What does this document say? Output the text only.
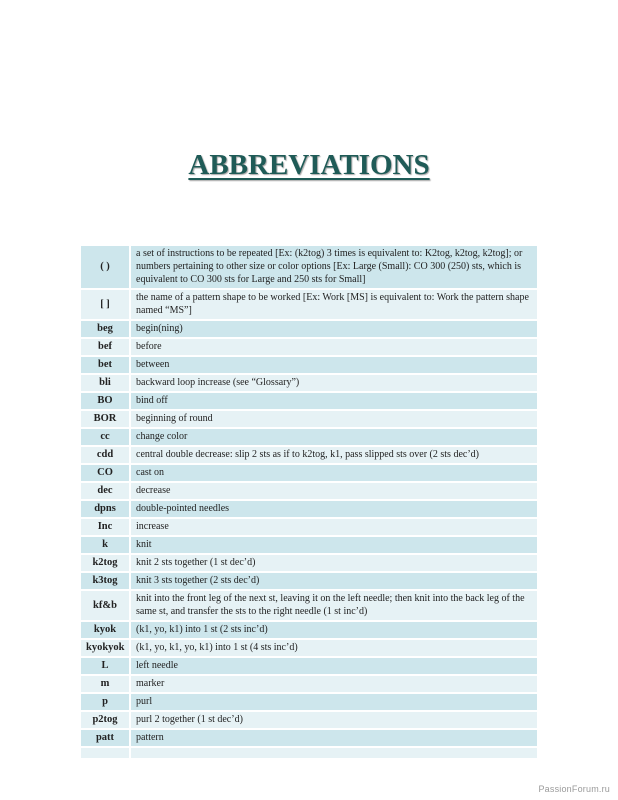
ABBREVIATIONS
( )	a set of instructions to be repeated [Ex: (k2tog) 3 times is equivalent to: K2tog, k2tog, k2tog]; or numbers pertaining to other size or color options [Ex: Large (Small): CO 300 (250) sts, which is equivalent to CO 300 sts for Large and 250 sts for Small]
[ ]	the name of a pattern shape to be worked [Ex: Work [MS] is equivalent to: Work the pattern shape named “MS”]
beg	begin(ning)
bef	before
bet	between
bli	backward loop increase (see “Glossary”)
BO	bind off
BOR	beginning of round
cc	change color
cdd	central double decrease: slip 2 sts as if to k2tog, k1, pass slipped sts over (2 sts dec’d)
CO	cast on
dec	decrease
dpns	double-pointed needles
Inc	increase
k	knit
k2tog	knit 2 sts together (1 st dec’d)
k3tog	knit 3 sts together (2 sts dec’d)
kf&b	knit into the front leg of the next st, leaving it on the left needle; then knit into the back leg of the same st, and transfer the sts to the right needle (1 st inc’d)
kyok	(k1, yo, k1) into 1 st (2 sts inc’d)
kyokyok	(k1, yo, k1, yo, k1) into 1 st (4 sts inc’d)
L	left needle
m	marker
p	purl
p2tog	purl 2 together (1 st dec’d)
patt	pattern

PassionForum.ru
